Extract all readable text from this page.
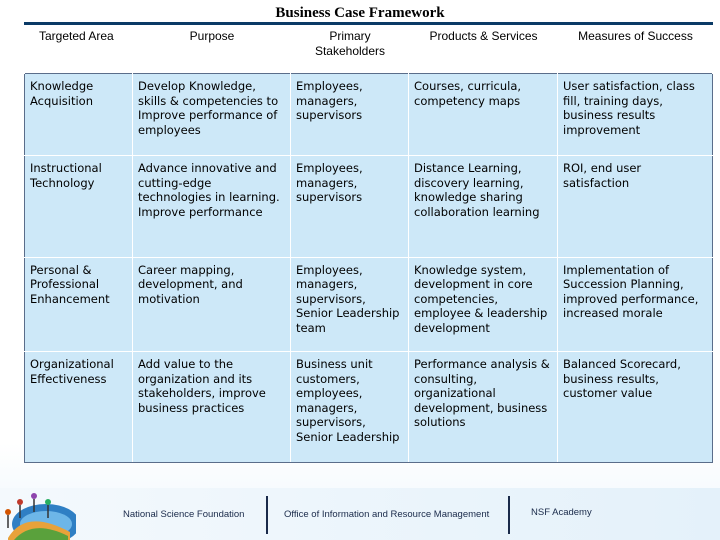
Business Case Framework
Targeted Area	Purpose	Primary Stakeholders	Products & Services	Measures of Success
Knowledge Acquisition	Develop Knowledge, skills & competencies to Improve performance of employees	Employees, managers, supervisors	Courses, curricula, competency maps	User satisfaction, class fill, training days, business results improvement
Instructional Technology	Advance innovative and cutting-edge technologies in learning. Improve performance	Employees, managers, supervisors	Distance Learning, discovery learning, knowledge sharing collaboration learning	ROI, end user satisfaction
Personal & Professional Enhancement	Career mapping, development, and motivation	Employees, managers, supervisors, Senior Leadership team	Knowledge system, development in core competencies, employee & leadership development	Implementation of Succession Planning, improved performance, increased morale
Organizational Effectiveness	Add value to the organization and its stakeholders, improve business practices	Business unit customers, employees, managers, supervisors, Senior Leadership	Performance analysis & consulting, organizational development, business solutions	Balanced Scorecard, business results, customer value
National Science Foundation	Office of Information and Resource Management	NSF Academy
